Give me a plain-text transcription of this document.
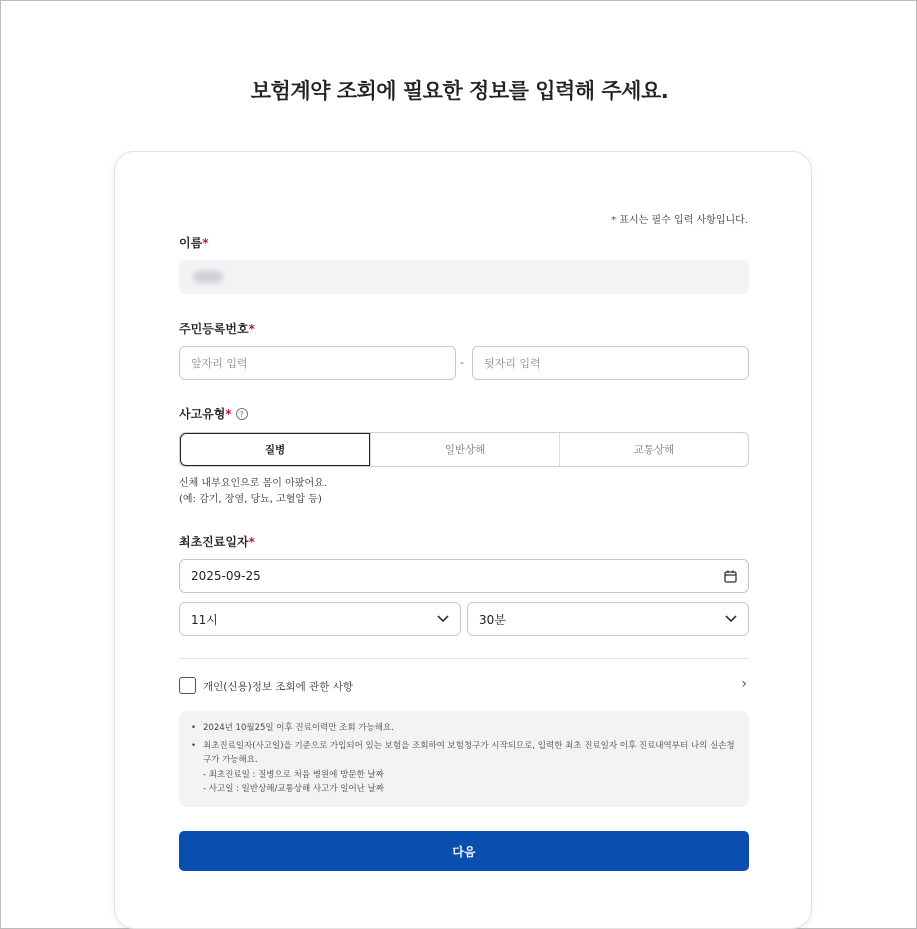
보험계약 조회에 필요한 정보를 입력해 주세요.
* 표시는 필수 입력 사항입니다.
이름*
주민등록번호*
앞자리 입력	-	뒷자리 입력
사고유형* ?
질병	일반상해	교통상해
신체 내부요인으로 몸이 아팠어요.
(예: 감기, 장염, 당뇨, 고혈압 등)
최초진료일자*
2025-09-25
11시	30분
개인(신용)정보 조회에 관한 사항	›
• 2024년 10월25일 이후 진료이력만 조회 가능해요.
• 최초진료일자(사고일)을 기준으로 가입되어 있는 보험을 조회하여 보험청구가 시작되므로, 입력한 최초 진료일자 이후 진료내역부터 나의 실손청구가 가능해요.
- 최초진료일 : 질병으로 처음 병원에 방문한 날짜
- 사고일 : 일반상해/교통상해 사고가 일어난 날짜
다음
